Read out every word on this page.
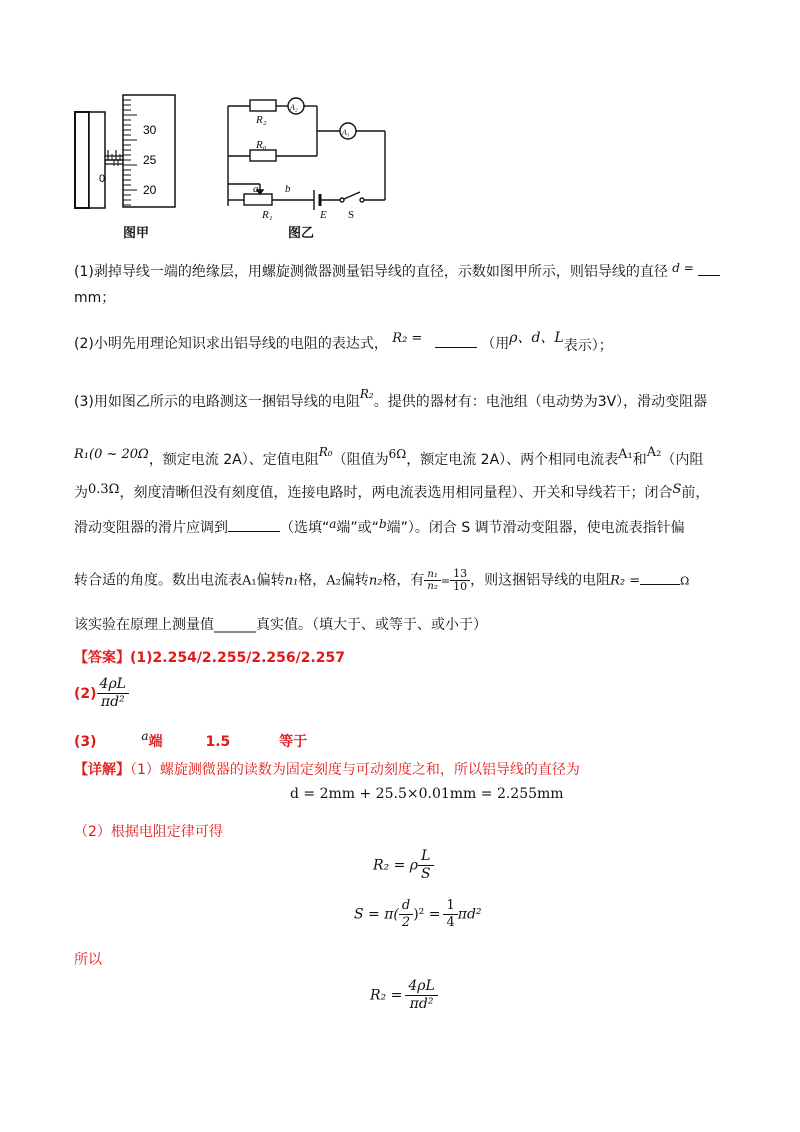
0
30
25
20
图甲
R₂
A₂
A₁
R₀
a b
R₁	E S
图乙
(1)剥掉导线一端的绝缘层，用螺旋测微器测量铝导线的直径，示数如图甲所示，则铝导线的直径 d =
mm；
(2)小明先用理论知识求出铝导线的电阻的表达式， R₂ =	（用ρ、d、L表示）；
(3)用如图乙所示的电路测这一捆铝导线的电阻R₂。提供的器材有：电池组（电动势为3V），滑动变阻器
R₁(0 ~ 20Ω，额定电流 2A）、定值电阻R₀（阻值为6Ω，额定电流 2A）、两个相同电流表A₁和A₂（内阻
为0.3Ω，刻度清晰但没有刻度值，连接电路时，两电流表选用相同量程）、开关和导线若干；闭合S前，
滑动变阻器的滑片应调到	（选填“a端”或“b端”）。闭合 S 调节滑动变阻器，使电流表指针偏
转合适的角度。数出电流表A₁偏转n₁格，A₂偏转n₂格，有 $\frac{\text{n₁}}{\text{n₂}} = \frac{13}{10}$ ，则这捆铝导线的电阻R₂ =	Ω
该实验在原理上测量值______真实值。（填大于、或等于、或小于）
【答案】(1)2.254/2.255/2.256/2.257
$(2) \frac{4\rho L}{\text{πd²}}$
(3)	a端	1.5	等于
【详解】（1）螺旋测微器的读数为固定刻度与可动刻度之和，所以铝导线的直径为
d = 2mm + 25.5×0.01mm = 2.255mm
（2）根据电阻定律可得
R₂ = ρ $\frac{L}{S}$
$S = \pi( \frac{d}{2} )^2 = \frac{1}{4} \pi d^2$
所以
$R_2 = \frac{4\rho L}{\text{πd²}}$
